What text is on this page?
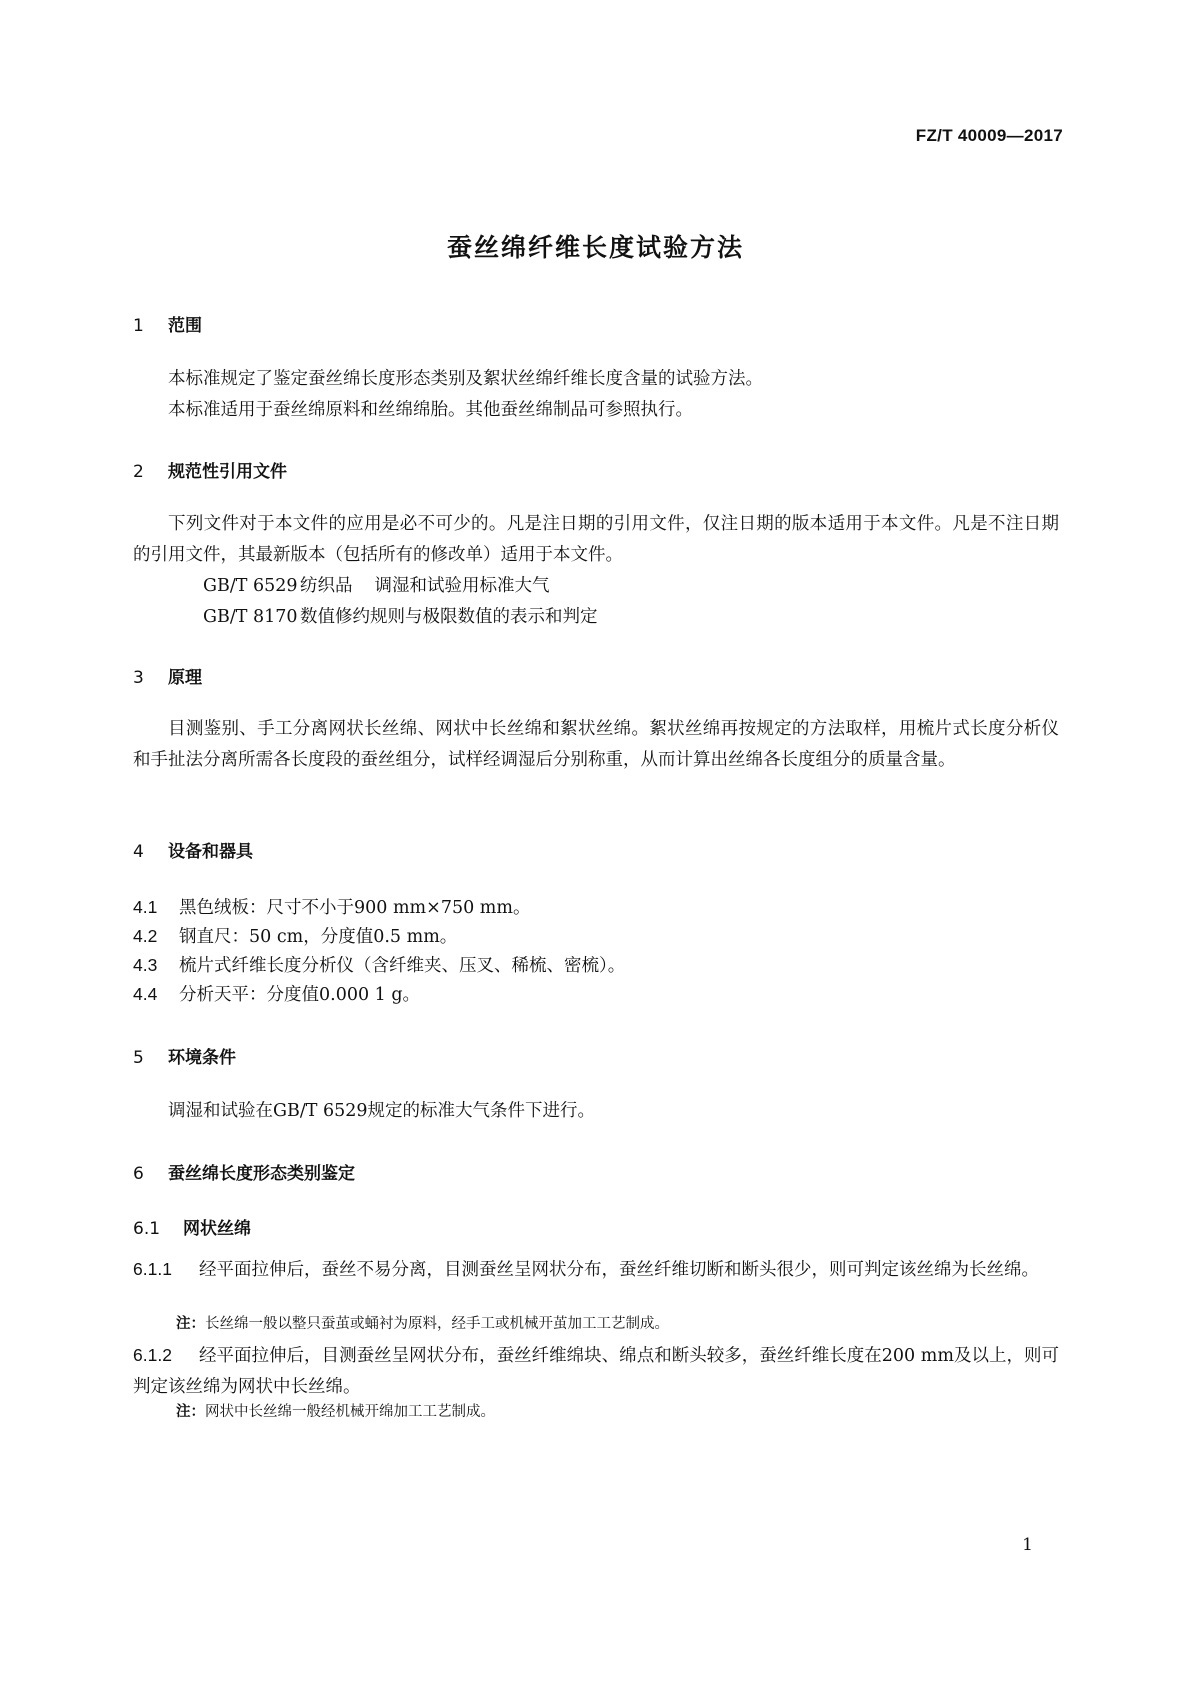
FZ/T 40009—2017
蚕丝绵纤维长度试验方法
1 范围
本标准规定了鉴定蚕丝绵长度形态类别及絮状丝绵纤维长度含量的试验方法。
本标准适用于蚕丝绵原料和丝绵绵胎。其他蚕丝绵制品可参照执行。
2 规范性引用文件
下列文件对于本文件的应用是必不可少的。凡是注日期的引用文件，仅注日期的版本适用于本文件。凡是不注日期的引用文件，其最新版本（包括所有的修改单）适用于本文件。
GB/T 6529 纺织品 调湿和试验用标准大气
GB/T 8170 数值修约规则与极限数值的表示和判定
3 原理
目测鉴别、手工分离网状长丝绵、网状中长丝绵和絮状丝绵。絮状丝绵再按规定的方法取样，用梳片式长度分析仪和手扯法分离所需各长度段的蚕丝组分，试样经调湿后分别称重，从而计算出丝绵各长度组分的质量含量。
4 设备和器具
4.1 黑色绒板：尺寸不小于900 mm×750 mm。
4.2 钢直尺：50 cm，分度值0.5 mm。
4.3 梳片式纤维长度分析仪（含纤维夹、压叉、稀梳、密梳）。
4.4 分析天平：分度值0.000 1 g。
5 环境条件
调湿和试验在GB/T 6529规定的标准大气条件下进行。
6 蚕丝绵长度形态类别鉴定
6.1 网状丝绵
6.1.1 经平面拉伸后，蚕丝不易分离，目测蚕丝呈网状分布，蚕丝纤维切断和断头很少，则可判定该丝绵为长丝绵。
注：长丝绵一般以整只蚕茧或蛹衬为原料，经手工或机械开茧加工工艺制成。
6.1.2 经平面拉伸后，目测蚕丝呈网状分布，蚕丝纤维绵块、绵点和断头较多，蚕丝纤维长度在200 mm及以上，则可判定该丝绵为网状中长丝绵。
注：网状中长丝绵一般经机械开绵加工工艺制成。
1
